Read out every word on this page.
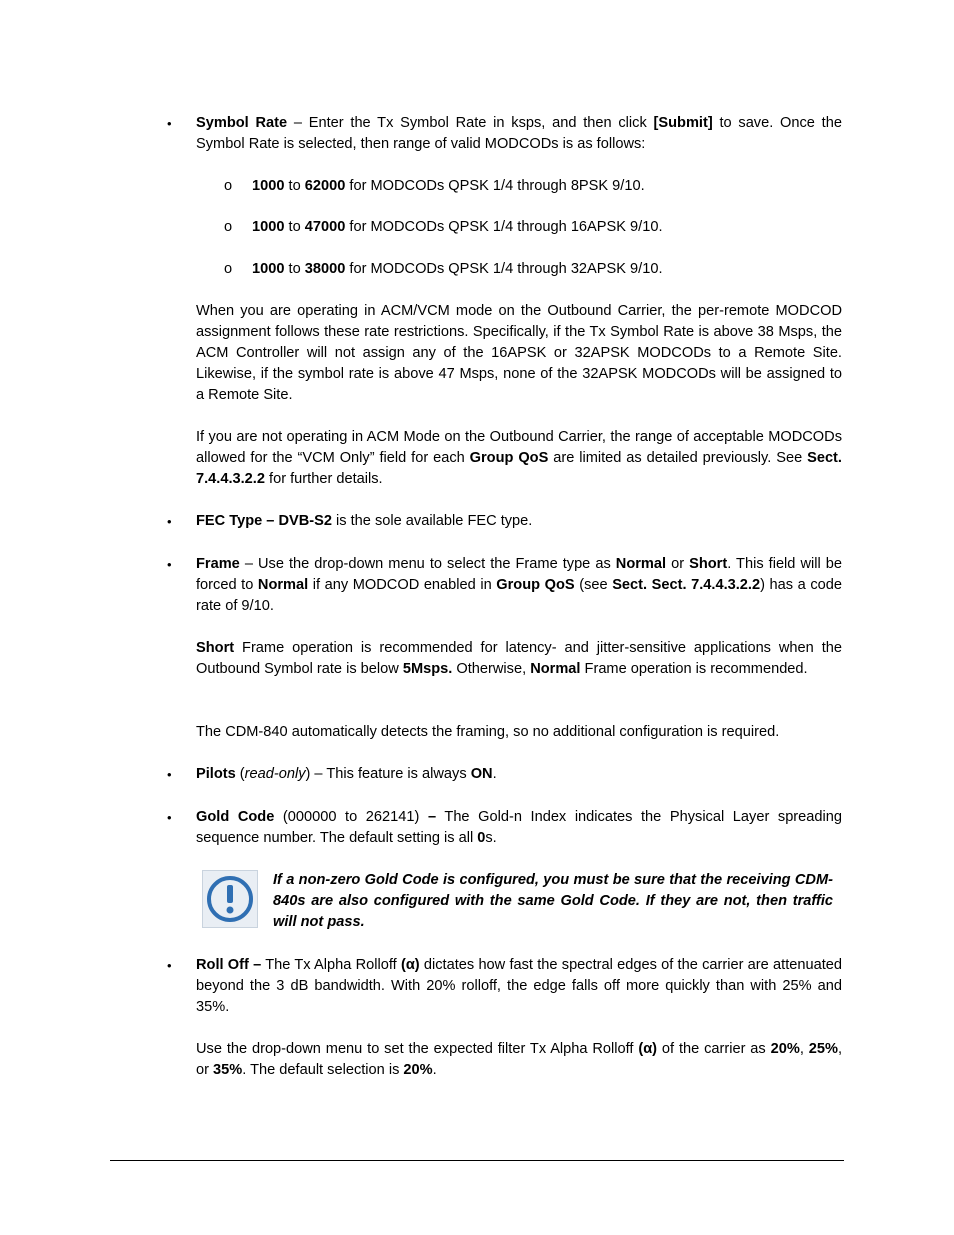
•	Symbol Rate – Enter the Tx Symbol Rate in ksps, and then click [Submit] to save. Once the Symbol Rate is selected, then range of valid MODCODs is as follows:
o 1000 to 62000 for MODCODs QPSK 1/4 through 8PSK 9/10.
o 1000 to 47000 for MODCODs QPSK 1/4 through 16APSK 9/10.
o 1000 to 38000 for MODCODs QPSK 1/4 through 32APSK 9/10.
When you are operating in ACM/VCM mode on the Outbound Carrier, the per-remote MODCOD assignment follows these rate restrictions. Specifically, if the Tx Symbol Rate is above 38 Msps, the ACM Controller will not assign any of the 16APSK or 32APSK MODCODs to a Remote Site. Likewise, if the symbol rate is above 47 Msps, none of the 32APSK MODCODs will be assigned to a Remote Site.
If you are not operating in ACM Mode on the Outbound Carrier, the range of acceptable MODCODs allowed for the “VCM Only” field for each Group QoS are limited as detailed previously. See Sect. 7.4.4.3.2.2 for further details.
•	FEC Type – DVB-S2 is the sole available FEC type.
•	Frame – Use the drop-down menu to select the Frame type as Normal or Short. This field will be forced to Normal if any MODCOD enabled in Group QoS (see Sect. Sect. 7.4.4.3.2.2) has a code rate of 9/10.
Short Frame operation is recommended for latency- and jitter-sensitive applications when the Outbound Symbol rate is below 5Msps. Otherwise, Normal Frame operation is recommended.
The CDM-840 automatically detects the framing, so no additional configuration is required.
•	Pilots (read-only) – This feature is always ON.
•	Gold Code (000000 to 262141) – The Gold-n Index indicates the Physical Layer spreading sequence number. The default setting is all 0s.
If a non-zero Gold Code is configured, you must be sure that the receiving CDM-840s are also configured with the same Gold Code. If they are not, then traffic will not pass.
•	Roll Off – The Tx Alpha Rolloff (α) dictates how fast the spectral edges of the carrier are attenuated beyond the 3 dB bandwidth. With 20% rolloff, the edge falls off more quickly than with 25% and 35%.
Use the drop-down menu to set the expected filter Tx Alpha Rolloff (α) of the carrier as 20%, 25%, or 35%. The default selection is 20%.
